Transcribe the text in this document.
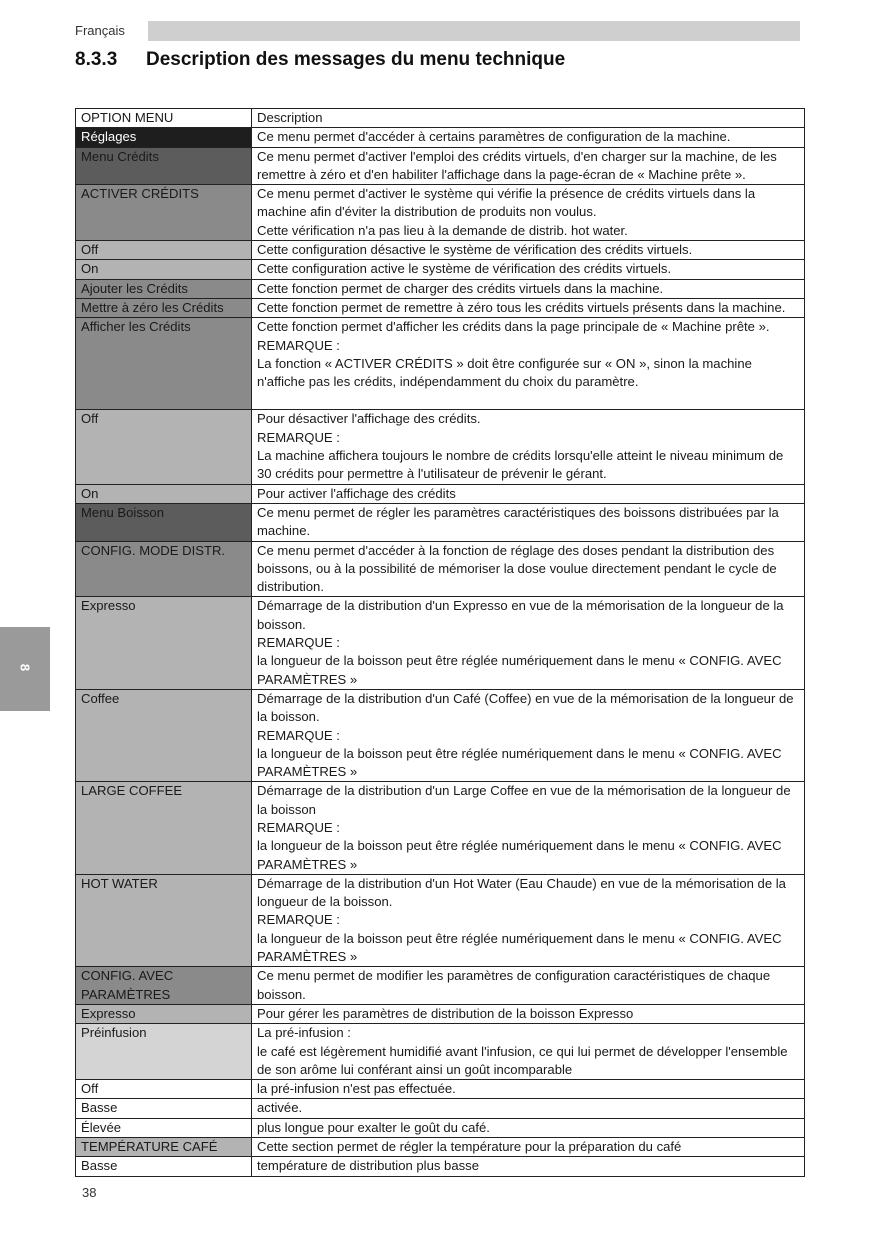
Français
8.3.3 Description des messages du menu technique
8
OPTION MENU	Description
Réglages	Ce menu permet d'accéder à certains paramètres de configuration de la machine.

Menu Crédits	Ce menu permet d'activer l'emploi des crédits virtuels, d'en charger sur la machine, de les remettre à zéro et d'en habiliter l'affichage dans la page-écran de « Machine prête ».

ACTIVER CRÉDITS	Ce menu permet d'activer le système qui vérifie la présence de crédits virtuels dans la machine afin d'éviter la distribution de produits non voulus.
Cette vérification n'a pas lieu à la demande de distrib. hot water.

Off	Cette configuration désactive le système de vérification des crédits virtuels.

On	Cette configuration active le système de vérification des crédits virtuels.

Ajouter les Crédits	Cette fonction permet de charger des crédits virtuels dans la machine.

Mettre à zéro les Crédits	Cette fonction permet de remettre à zéro tous les crédits virtuels présents dans la machine.

Afficher les Crédits	Cette fonction permet d'afficher les crédits dans la page principale de « Machine prête ».
REMARQUE :
La fonction « ACTIVER CRÉDITS » doit être configurée sur « ON », sinon la machine n'affiche pas les crédits, indépendamment du choix du paramètre.

Off	Pour désactiver l'affichage des crédits.
REMARQUE :
La machine affichera toujours le nombre de crédits lorsqu'elle atteint le niveau minimum de 30 crédits pour permettre à l'utilisateur de prévenir le gérant.

On	Pour activer l'affichage des crédits

Menu Boisson	Ce menu permet de régler les paramètres caractéristiques des boissons distribuées par la machine.

CONFIG. MODE DISTR.	Ce menu permet d'accéder à la fonction de réglage des doses pendant la distribution des boissons, ou à la possibilité de mémoriser la dose voulue directement pendant le cycle de distribution.

Expresso	Démarrage de la distribution d'un Expresso en vue de la mémorisation de la longueur de la boisson.
REMARQUE :
la longueur de la boisson peut être réglée numériquement dans le menu « CONFIG. AVEC PARAMÈTRES »

Coffee	Démarrage de la distribution d'un Café (Coffee) en vue de la mémorisation de la longueur de la boisson.
REMARQUE :
la longueur de la boisson peut être réglée numériquement dans le menu « CONFIG. AVEC PARAMÈTRES »

LARGE COFFEE	Démarrage de la distribution d'un Large Coffee en vue de la mémorisation de la longueur de la boisson
REMARQUE :
la longueur de la boisson peut être réglée numériquement dans le menu « CONFIG. AVEC PARAMÈTRES »

HOT WATER	Démarrage de la distribution d'un Hot Water (Eau Chaude) en vue de la mémorisation de la longueur de la boisson.
REMARQUE :
la longueur de la boisson peut être réglée numériquement dans le menu « CONFIG. AVEC PARAMÈTRES »

CONFIG. AVEC PARAMÈTRES	Ce menu permet de modifier les paramètres de configuration caractéristiques de chaque boisson.

Expresso	Pour gérer les paramètres de distribution de la boisson Expresso

Préinfusion	La pré-infusion :
le café est légèrement humidifié avant l'infusion, ce qui lui permet de développer l'ensemble de son arôme lui conférant ainsi un goût incomparable

Off	la pré-infusion n'est pas effectuée.

Basse	activée.

Élevée	plus longue pour exalter le goût du café.

TEMPÉRATURE CAFÉ	Cette section permet de régler la température pour la préparation du café

Basse	température de distribution plus basse
38
